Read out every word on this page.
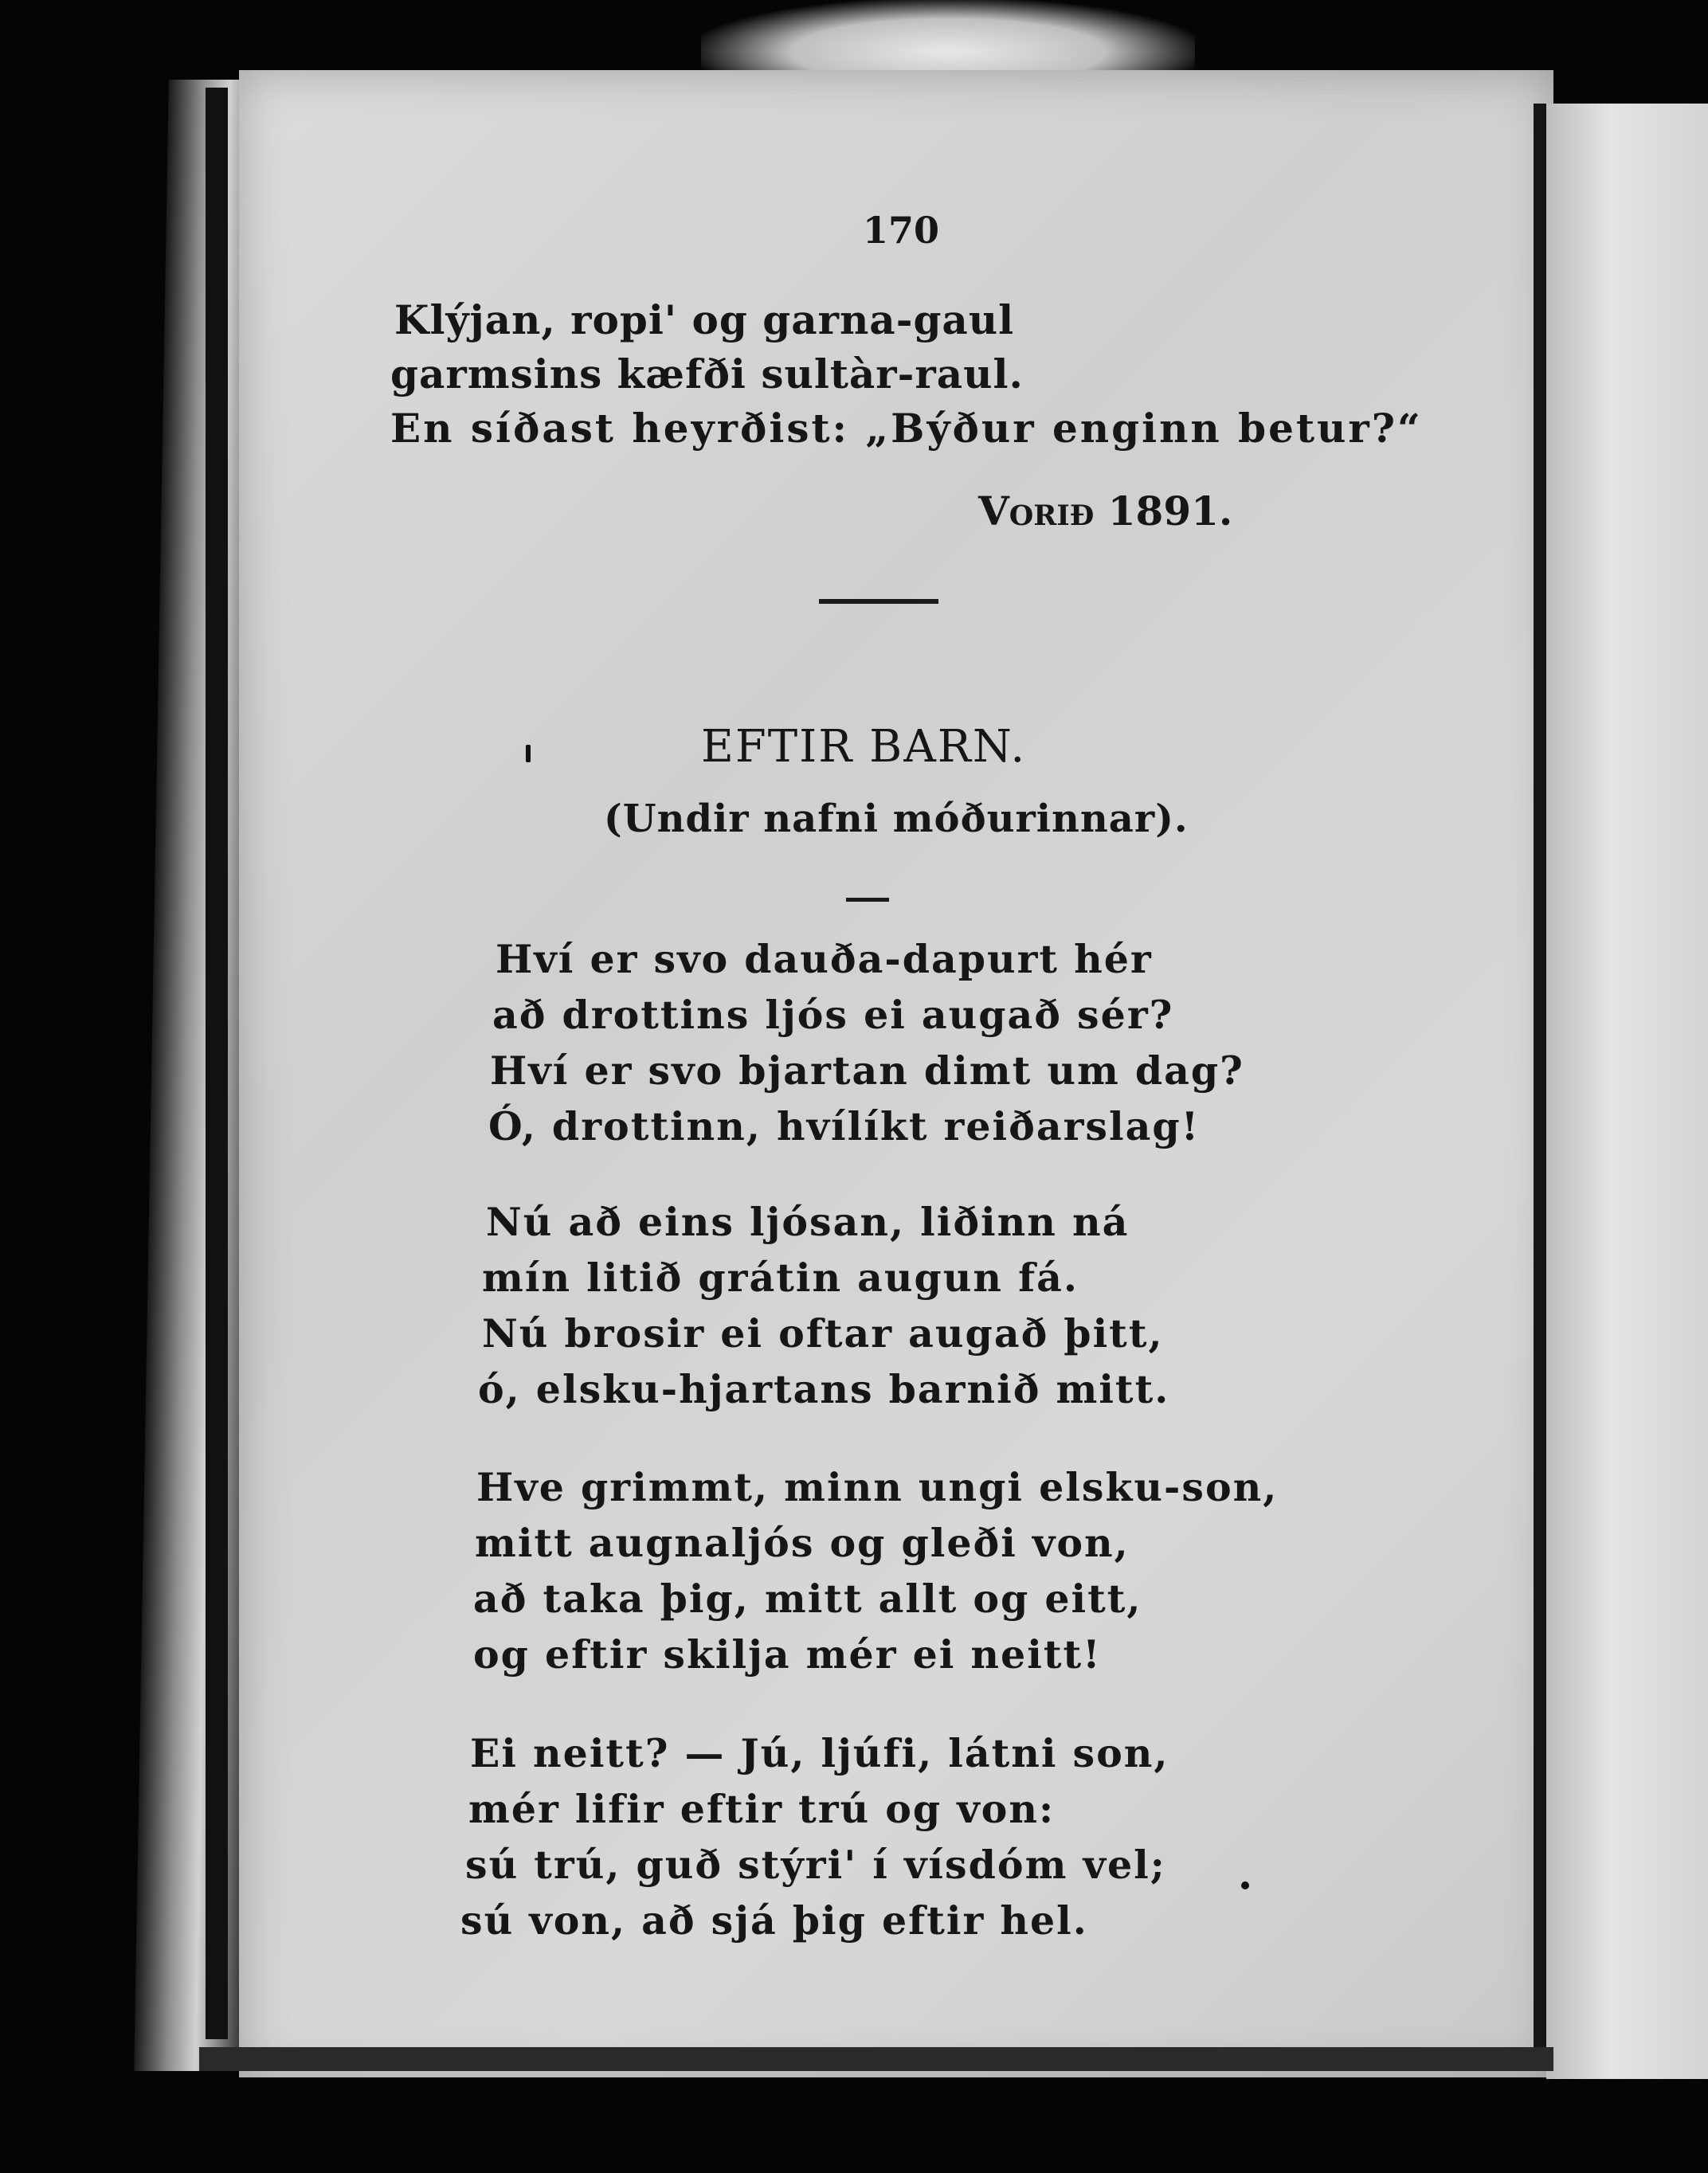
170
Klýjan, ropi' og garna-gaul
garmsins kæfði sultàr-raul.
En síðast heyrðist: „Býður enginn betur?“
Vorið 1891.
EFTIR BARN.
(Undir nafni móðurinnar).
Hví er svo dauða-dapurt hér
að drottins ljós ei augað sér?
Hví er svo bjartan dimt um dag?
Ó, drottinn, hvílíkt reiðarslag!
Nú að eins ljósan, liðinn ná
mín litið grátin augun fá.
Nú brosir ei oftar augað þitt,
ó, elsku-hjartans barnið mitt.
Hve grimmt, minn ungi elsku-son,
mitt augnaljós og gleði von,
að taka þig, mitt allt og eitt,
og eftir skilja mér ei neitt!
Ei neitt? — Jú, ljúfi, látni son,
mér lifir eftir trú og von:
sú trú, guð stýri' í vísdóm vel;
sú von, að sjá þig eftir hel.
